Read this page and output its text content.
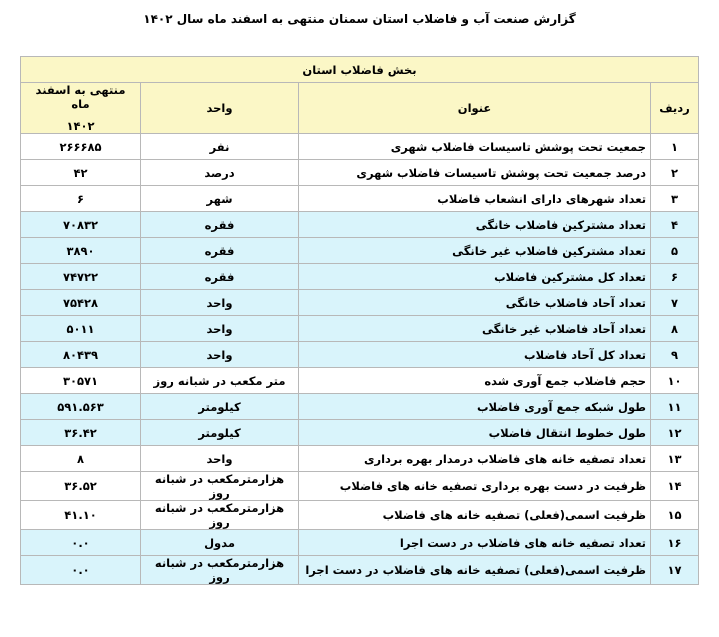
گزارش صنعت آب و فاضلاب استان سمنان منتهی به اسفند ماه سال ۱۴۰۲
بخش فاضلاب استان			
ردیف	عنوان	واحد	منتهی به اسفند ماه
۱۴۰۲

۱	جمعیت تحت پوشش تاسیسات فاضلاب شهری	نفر	۲۶۶۶۸۵
۲	درصد جمعیت تحت پوشش تاسیسات فاضلاب شهری	درصد	۴۲
۳	تعداد شهرهای دارای انشعاب فاضلاب	شهر	۶
۴	تعداد مشترکین فاضلاب خانگی	فقره	۷۰۸۳۲
۵	تعداد مشترکین فاضلاب غیر خانگی	فقره	۳۸۹۰
۶	تعداد کل مشترکین فاضلاب	فقره	۷۴۷۲۲
۷	تعداد آحاد فاضلاب خانگی	واحد	۷۵۴۲۸
۸	تعداد آحاد فاضلاب غیر خانگی	واحد	۵۰۱۱
۹	تعداد کل آحاد فاضلاب	واحد	۸۰۴۳۹
۱۰	حجم فاضلاب جمع آوری شده	متر مکعب در شبانه روز	۳۰۵۷۱
۱۱	طول شبکه جمع آوری فاضلاب	کیلومتر	۵۹۱.۵۶۳
۱۲	طول خطوط انتقال فاضلاب	کیلومتر	۳۶.۴۲
۱۳	تعداد تصفیه خانه های فاضلاب درمدار بهره برداری	واحد	۸
۱۴	ظرفیت در دست بهره برداری تصفیه خانه های فاضلاب	هزارمترمکعب در شبانه روز	۳۶.۵۲
۱۵	ظرفیت اسمی(فعلی) تصفیه خانه های فاضلاب	هزارمترمکعب در شبانه روز	۴۱.۱۰
۱۶	تعداد تصفیه خانه های فاضلاب در دست اجرا	مدول	۰.۰
۱۷	ظرفیت اسمی(فعلی) تصفیه خانه های فاضلاب در دست اجرا	هزارمترمکعب در شبانه روز	۰.۰
